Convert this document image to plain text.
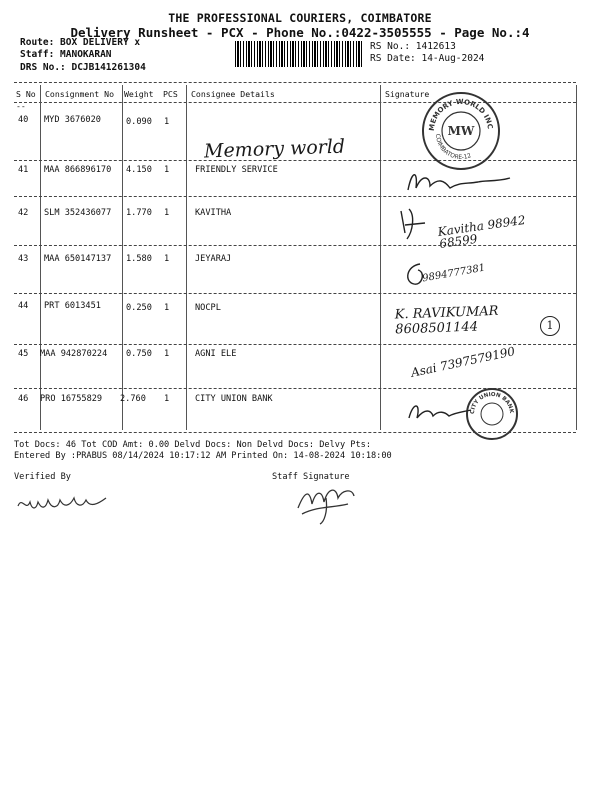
THE PROFESSIONAL COURIERS, COIMBATORE
Delivery Runsheet - PCX - Phone No.:0422-3505555 - Page No.:4
Route: BOX DELIVERY x
Staff: MANOKARAN
DRS No.: DCJB141261304
RS No.: 1412613
RS Date: 14-Aug-2024
S No Consignment No Weight PCS Consignee Details	Signature
--
40 MYD 3676020	0.090 1
Memory world
41 MAA 866896170 4.150 1	FRIENDLY SERVICE
42 SLM 352436077 1.770 1	KAVITHA	Kavitha 98942 68599
43 MAA 650147137 1.580 1	JEYARAJ
9894777381
44 PRT 6013451	0.250 1	NOCPL	K. RAVIKUMAR 8608501144	1
45 MAA 942870224 0.750 1	AGNI ELE	Asai 7397579190
46 PRO 16755829 2.760 1	CITY UNION BANK
MEMORY WORLD INC
COIMBATORE-12
MW
CITY UNION BANK
Tot Docs: 46 Tot COD Amt: 0.00 Delvd Docs: Non Delvd Docs: Delvy Pts:
Entered By :PRABUS 08/14/2024 10:17:12 AM Printed On: 14-08-2024 10:18:00
Verified By	Staff Signature
